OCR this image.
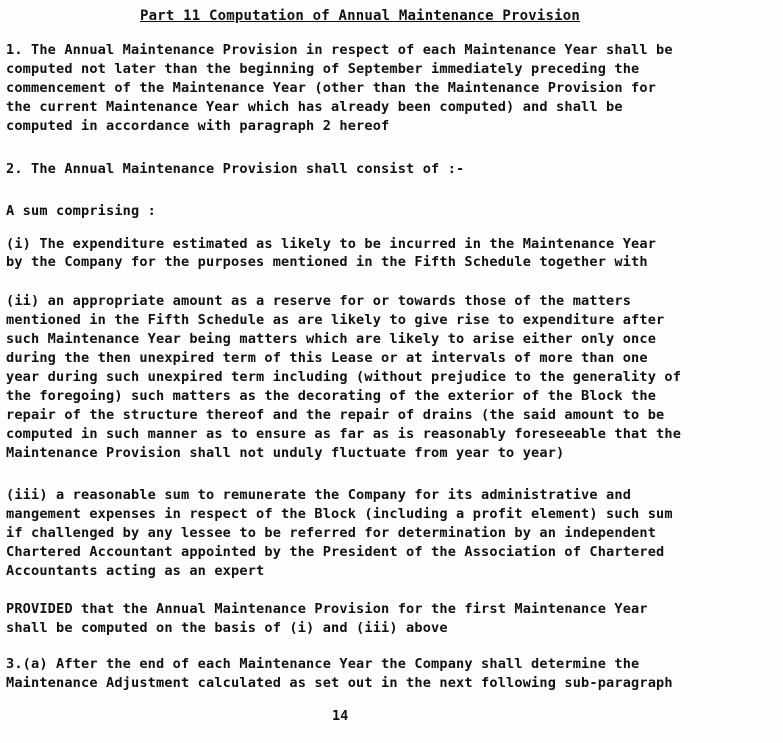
Part 11 Computation of Annual Maintenance Provision
1. The Annual Maintenance Provision in respect of each Maintenance Year shall be
computed not later than the beginning of September immediately preceding the
commencement of the Maintenance Year (other than the Maintenance Provision for
the current Maintenance Year which has already been computed) and shall be
computed in accordance with paragraph 2 hereof
2. The Annual Maintenance Provision shall consist of :-
A sum comprising :
(i) The expenditure estimated as likely to be incurred in the Maintenance Year
by the Company for the purposes mentioned in the Fifth Schedule together with
(ii) an appropriate amount as a reserve for or towards those of the matters
mentioned in the Fifth Schedule as are likely to give rise to expenditure after
such Maintenance Year being matters which are likely to arise either only once
during the then unexpired term of this Lease or at intervals of more than one
year during such unexpired term including (without prejudice to the generality of
the foregoing) such matters as the decorating of the exterior of the Block the
repair of the structure thereof and the repair of drains (the said amount to be
computed in such manner as to ensure as far as is reasonably foreseeable that the
Maintenance Provision shall not unduly fluctuate from year to year)
(iii) a reasonable sum to remunerate the Company for its administrative and
mangement expenses in respect of the Block (including a profit element) such sum
if challenged by any lessee to be referred for determination by an independent
Chartered Accountant appointed by the President of the Association of Chartered
Accountants acting as an expert
PROVIDED that the Annual Maintenance Provision for the first Maintenance Year
shall be computed on the basis of (i) and (iii) above
3.(a) After the end of each Maintenance Year the Company shall determine the
Maintenance Adjustment calculated as set out in the next following sub-paragraph
14
